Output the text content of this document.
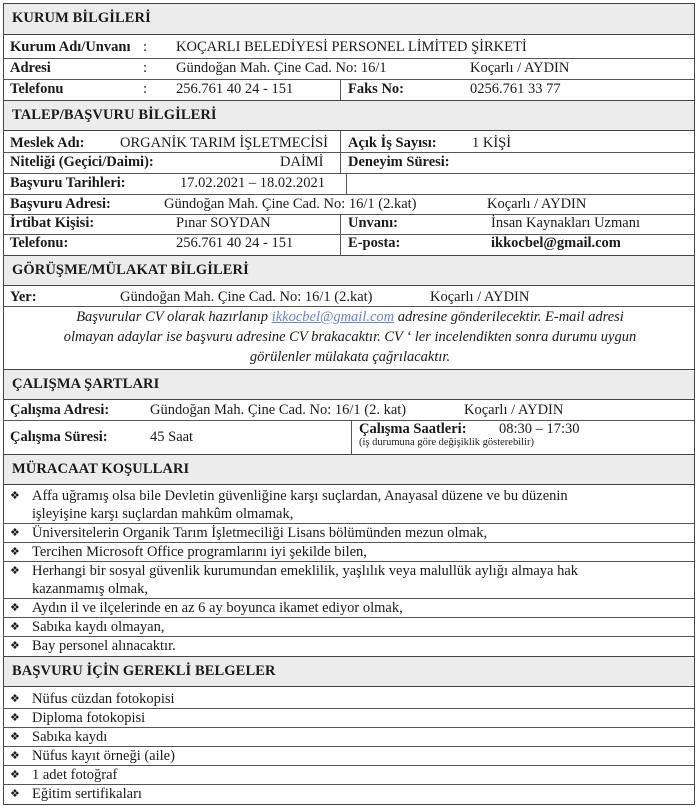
KURUM BİLGİLERİ
Kurum Adı/Unvanı : KOÇARLI BELEDİYESİ PERSONEL LİMİTED ŞİRKETİ
Adresi	: Gündoğan Mah. Çine Cad. No: 16/1	Koçarlı / AYDIN
Telefonu	: 256.761 40 24 - 151	Faks No:	0256.761 33 77
TALEP/BAŞVURU BİLGİLERİ
Meslek Adı: ORGANİK TARIM İŞLETMECİSİ Açık İş Sayısı: 1 KİŞİ
Niteliği (Geçici/Daimi):	DAİMİ Deneyim Süresi:
Başvuru Tarihleri:	17.02.2021 – 18.02.2021
Başvuru Adresi:	Gündoğan Mah. Çine Cad. No: 16/1 (2.kat)	Koçarlı / AYDIN
İrtibat Kişisi:	Pınar SOYDAN	Unvanı:	İnsan Kaynakları Uzmanı
Telefonu:	256.761 40 24 - 151	E-posta:	ikkocbel@gmail.com
GÖRÜŞME/MÜLAKAT BİLGİLERİ
Yer:	Gündoğan Mah. Çine Cad. No: 16/1 (2.kat)	Koçarlı / AYDIN
Başvurular CV olarak hazırlanıp ikkocbel@gmail.com adresine gönderilecektir. E-mail adresi
olmayan adaylar ise başvuru adresine CV brakacaktır. CV ‘ ler incelendikten sonra durumu uygun
görülenler mülakata çağrılacaktır.
ÇALIŞMA ŞARTLARI
Çalışma Adresi:	Gündoğan Mah. Çine Cad. No: 16/1 (2. kat)	Koçarlı / AYDIN
Çalışma Süresi:	45 Saat	Çalışma Saatleri: 08:30 – 17:30
(iş durumuna göre değişiklik gösterebilir)
MÜRACAAT KOŞULLARI
❖ Affa uğramış olsa bile Devletin güvenliğine karşı suçlardan, Anayasal düzene ve bu düzenin
işleyişine karşı suçlardan mahkûm olmamak,
❖ Üniversitelerin Organik Tarım İşletmeciliği Lisans bölümünden mezun olmak,
❖ Tercihen Microsoft Office programlarını iyi şekilde bilen,
❖ Herhangi bir sosyal güvenlik kurumundan emeklilik, yaşlılık veya malullük aylığı almaya hak
kazanmamış olmak,
❖ Aydın il ve ilçelerinde en az 6 ay boyunca ikamet ediyor olmak,
❖ Sabıka kaydı olmayan,
❖ Bay personel alınacaktır.
BAŞVURU İÇİN GEREKLİ BELGELER
❖ Nüfus cüzdan fotokopisi
❖ Diploma fotokopisi
❖ Sabıka kaydı
❖ Nüfus kayıt örneği (aile)
❖ 1 adet fotoğraf
❖ Eğitim sertifikaları
